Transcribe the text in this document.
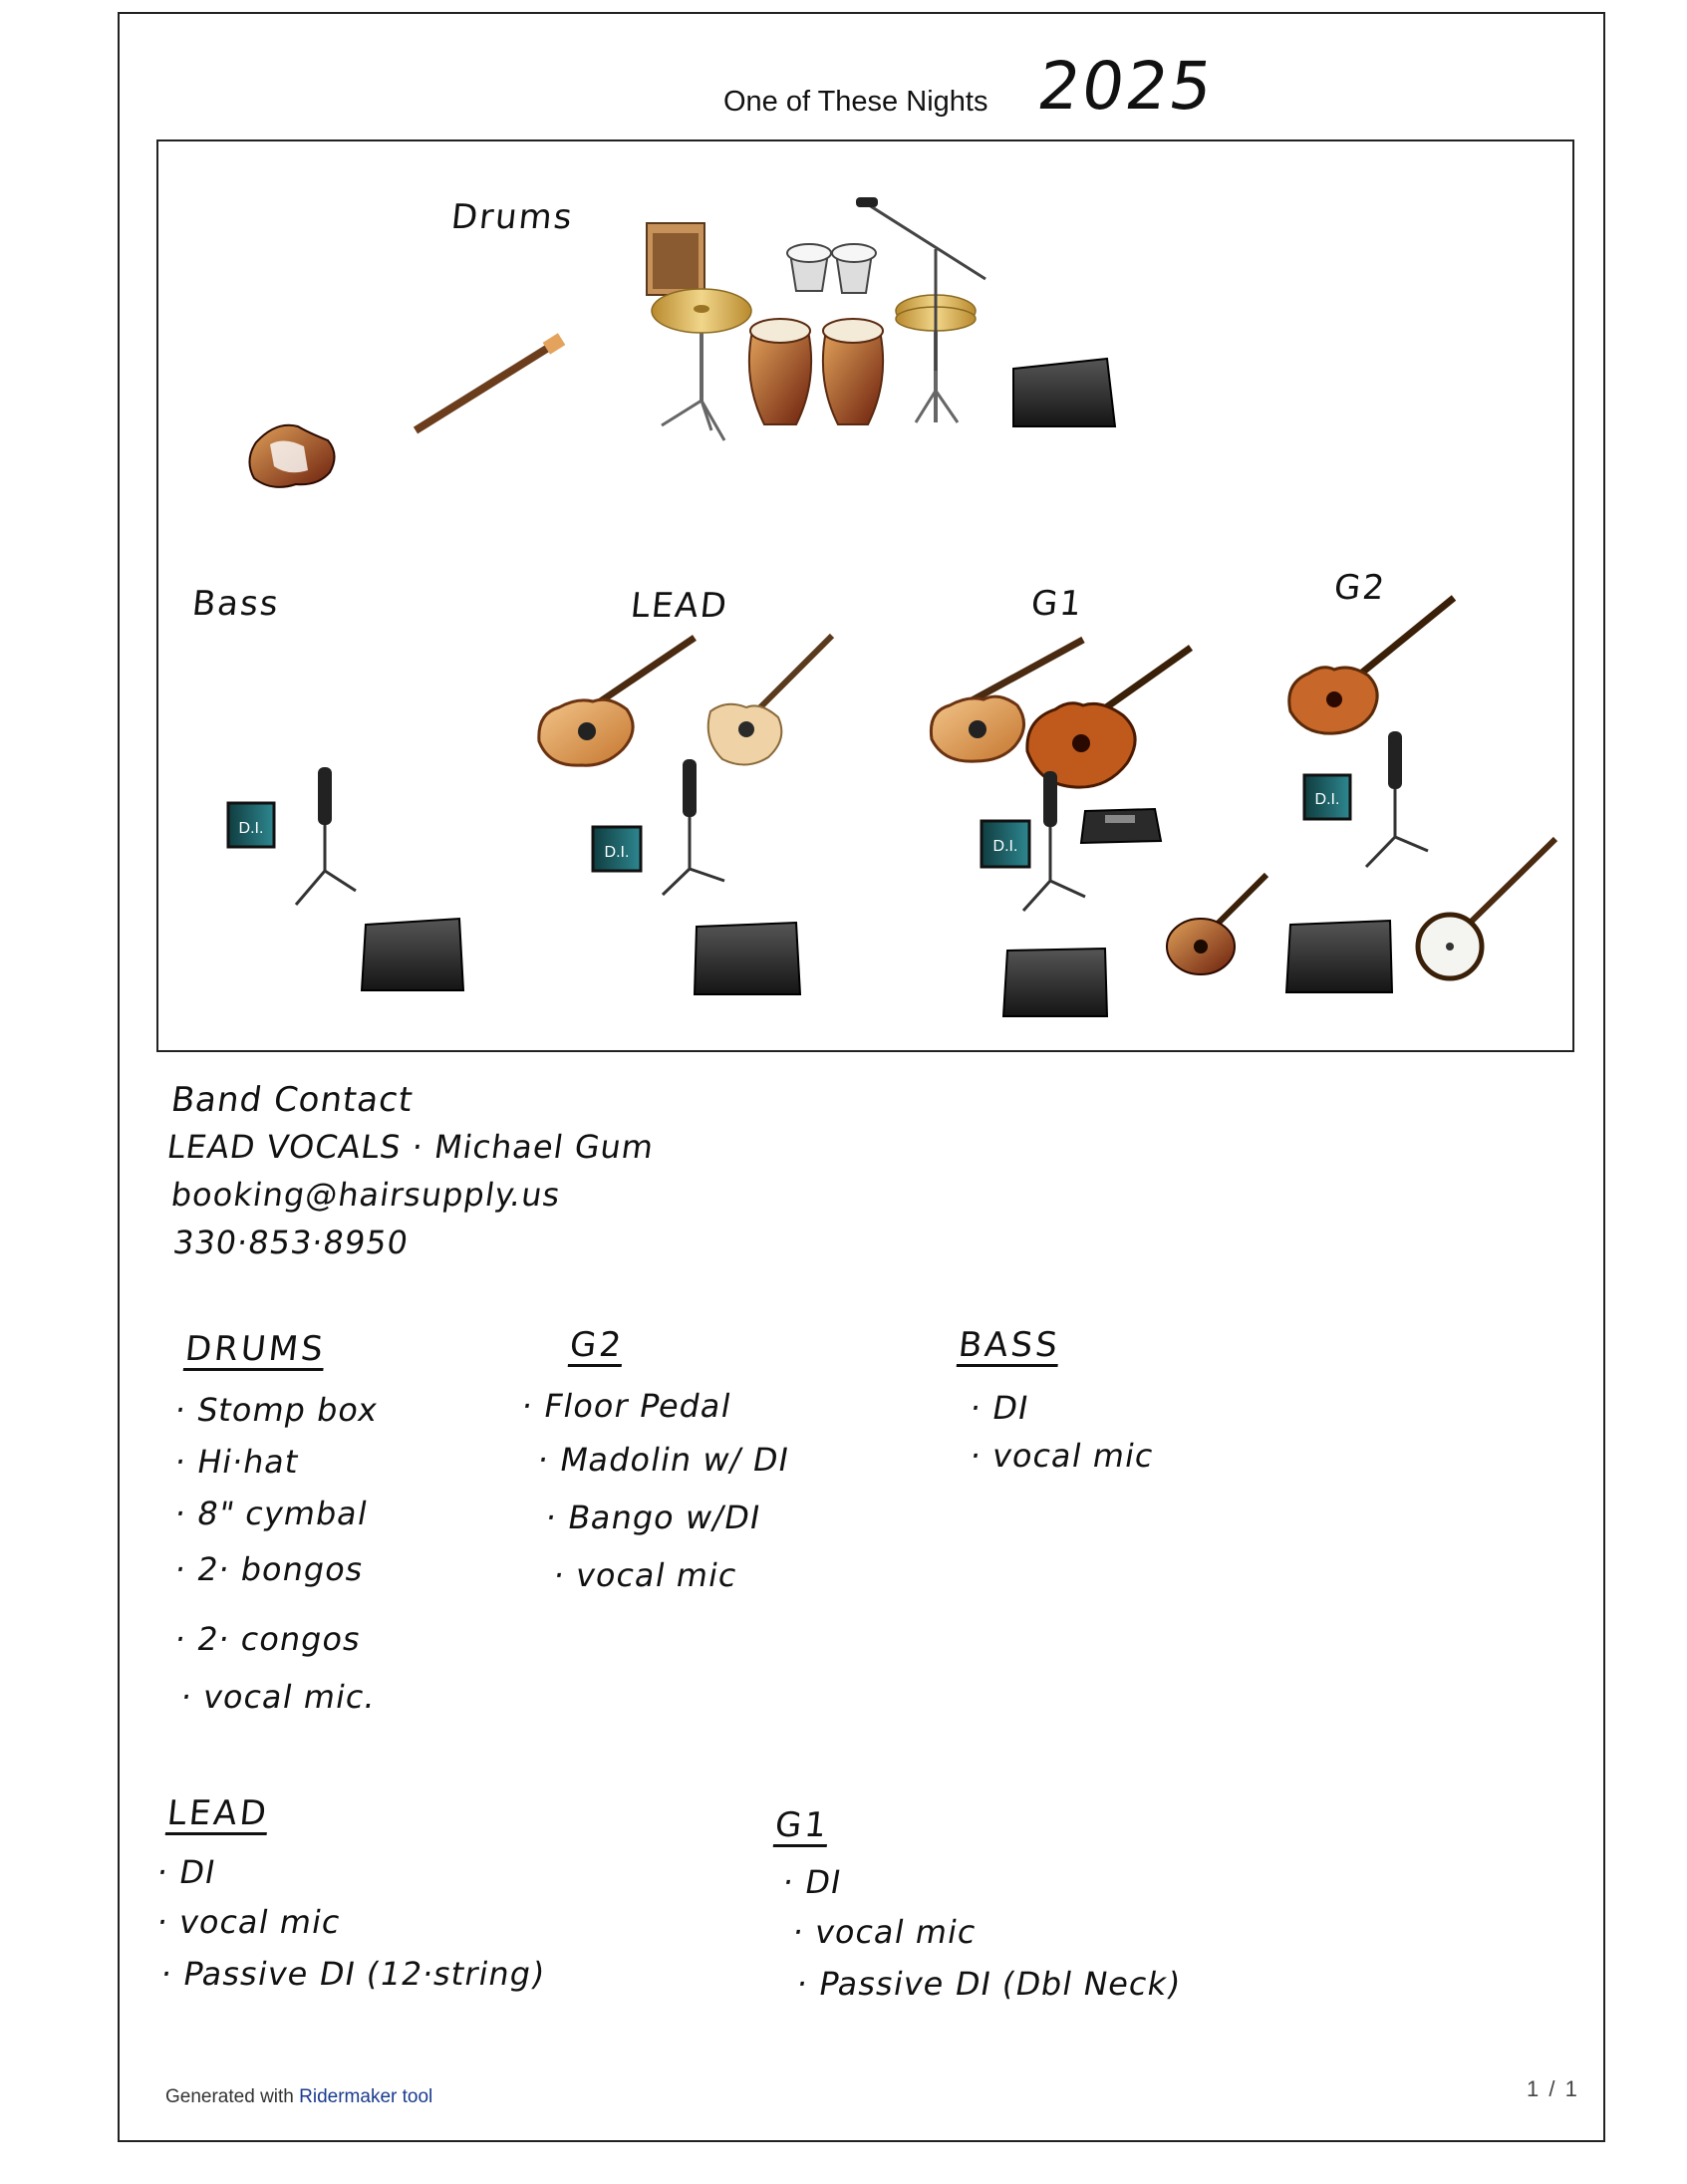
One of These Nights 2025
D.I.
D.I.	D.I.
D.I.
Drums
Bass	LEAD	G1	G2
Band Contact
LEAD VOCALS · Michael Gum
booking@hairsupply.us
330·853·8950
DRUMS
· Stomp box
· Hi·hat
· 8" cymbal
· 2· bongos
· 2· congos
· vocal mic.
G2
· Floor Pedal
· Madolin w/ DI
· Bango w/DI
· vocal mic
BASS
· DI
· vocal mic
LEAD
· DI
· vocal mic
· Passive DI (12·string)
G1
· DI
· vocal mic
· Passive DI (Dbl Neck)
Generated with Ridermaker tool	1 / 1
